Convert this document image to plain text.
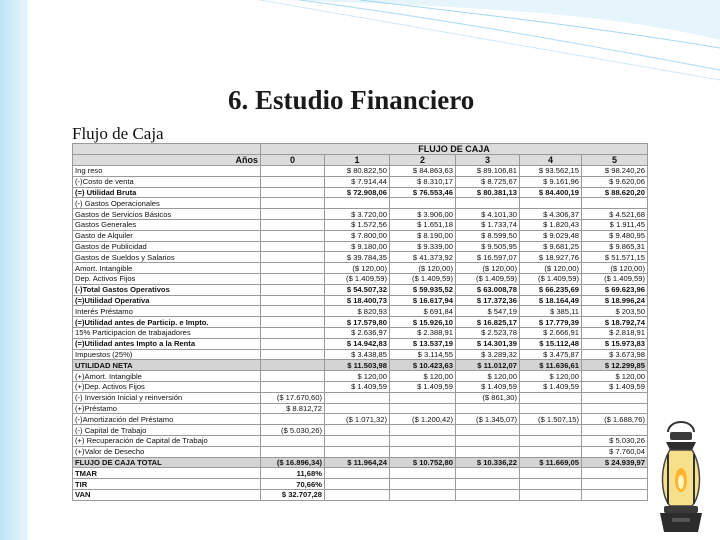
6. Estudio Financiero
Flujo de Caja
	FLUJO DE CAJA					
Años	0	1	2	3	4	5
Ing reso		$ 80.822,50	$ 84.863,63	$ 89.106,81	$ 93.562,15	$ 98.240,26
(-)Costo de venta		$ 7.914,44	$ 8.310,17	$ 8.725,67	$ 9.161,96	$ 9.620,06
(=) Utilidad Bruta		$ 72.908,06	$ 76.553,46	$ 80.381,13	$ 84.400,19	$ 88.620,20
(-) Gastos Operacionales						
Gastos de Servicios Básicos		$ 3.720,00	$ 3.906,00	$ 4.101,30	$ 4.306,37	$ 4.521,68
Gastos Generales		$ 1.572,56	$ 1.651,18	$ 1.733,74	$ 1.820,43	$ 1.911,45
Gasto de Alquiler		$ 7.800,00	$ 8.190,00	$ 8.599,50	$ 9.029,48	$ 9.480,95
Gastos de Publicidad		$ 9.180,00	$ 9.339,00	$ 9.505,95	$ 9.681,25	$ 9.865,31
Gastos de Sueldos y Salarios		$ 39.784,35	$ 41.373,92	$ 16.597,07	$ 18.927,76	$ 51.571,15
Amort. Intangible		($ 120,00)	($ 120,00)	($ 120,00)	($ 120,00)	($ 120,00)
Dep. Activos Fijos		($ 1.409,59)	($ 1.409,59)	($ 1.409,59)	($ 1.409,59)	($ 1.409,59)
(-)Total Gastos Operativos		$ 54.507,32	$ 59.935,52	$ 63.008,78	$ 66.235,69	$ 69.623,96
(=)Utilidad Operativa		$ 18.400,73	$ 16.617,94	$ 17.372,36	$ 18.164,49	$ 18.996,24
Interés Préstamo		$ 820,93	$ 691,84	$ 547,19	$ 385,11	$ 203,50
(=)Utilidad antes de Particip. e Impto.		$ 17.579,80	$ 15.926,10	$ 16.825,17	$ 17.779,39	$ 18.792,74
15% Participacion de trabajadores		$ 2.636,97	$ 2.388,91	$ 2.523,78	$ 2.666,91	$ 2.818,91
(=)Utilidad antes Impto a la Renta		$ 14.942,83	$ 13.537,19	$ 14.301,39	$ 15.112,48	$ 15.973,83
Impuestos (25%)		$ 3.438,85	$ 3.114,55	$ 3.289,32	$ 3.475,87	$ 3.673,98
UTILIDAD NETA		$ 11.503,98	$ 10.423,63	$ 11.012,07	$ 11.636,61	$ 12.299,85
(+)Amort. Intangible		$ 120,00	$ 120,00	$ 120,00	$ 120,00	$ 120,00
(+)Dep. Activos Fijos		$ 1.409,59	$ 1.409,59	$ 1.409,59	$ 1.409,59	$ 1.409,59
(-) Inversión Inicial y reinversión	($ 17.670,60)			($ 861,30)		
(+)Préstamo	$ 8.812,72					
(-)Amortización del Préstamo		($ 1.071,32)	($ 1.200,42)	($ 1.345,07)	($ 1.507,15)	($ 1.688,76)
(-) Capital de Trabajo	($ 5.030,26)					
(+) Recuperación de Capital de Trabajo						$ 5.030,26
(+)Valor de Desecho						$ 7.760,04
FLUJO DE CAJA TOTAL	($ 16.896,34)	$ 11.964,24	$ 10.752,80	$ 10.336,22	$ 11.669,05	$ 24.939,97
TMAR	11,68%					
TIR	70,66%					
VAN	$ 32.707,28					
